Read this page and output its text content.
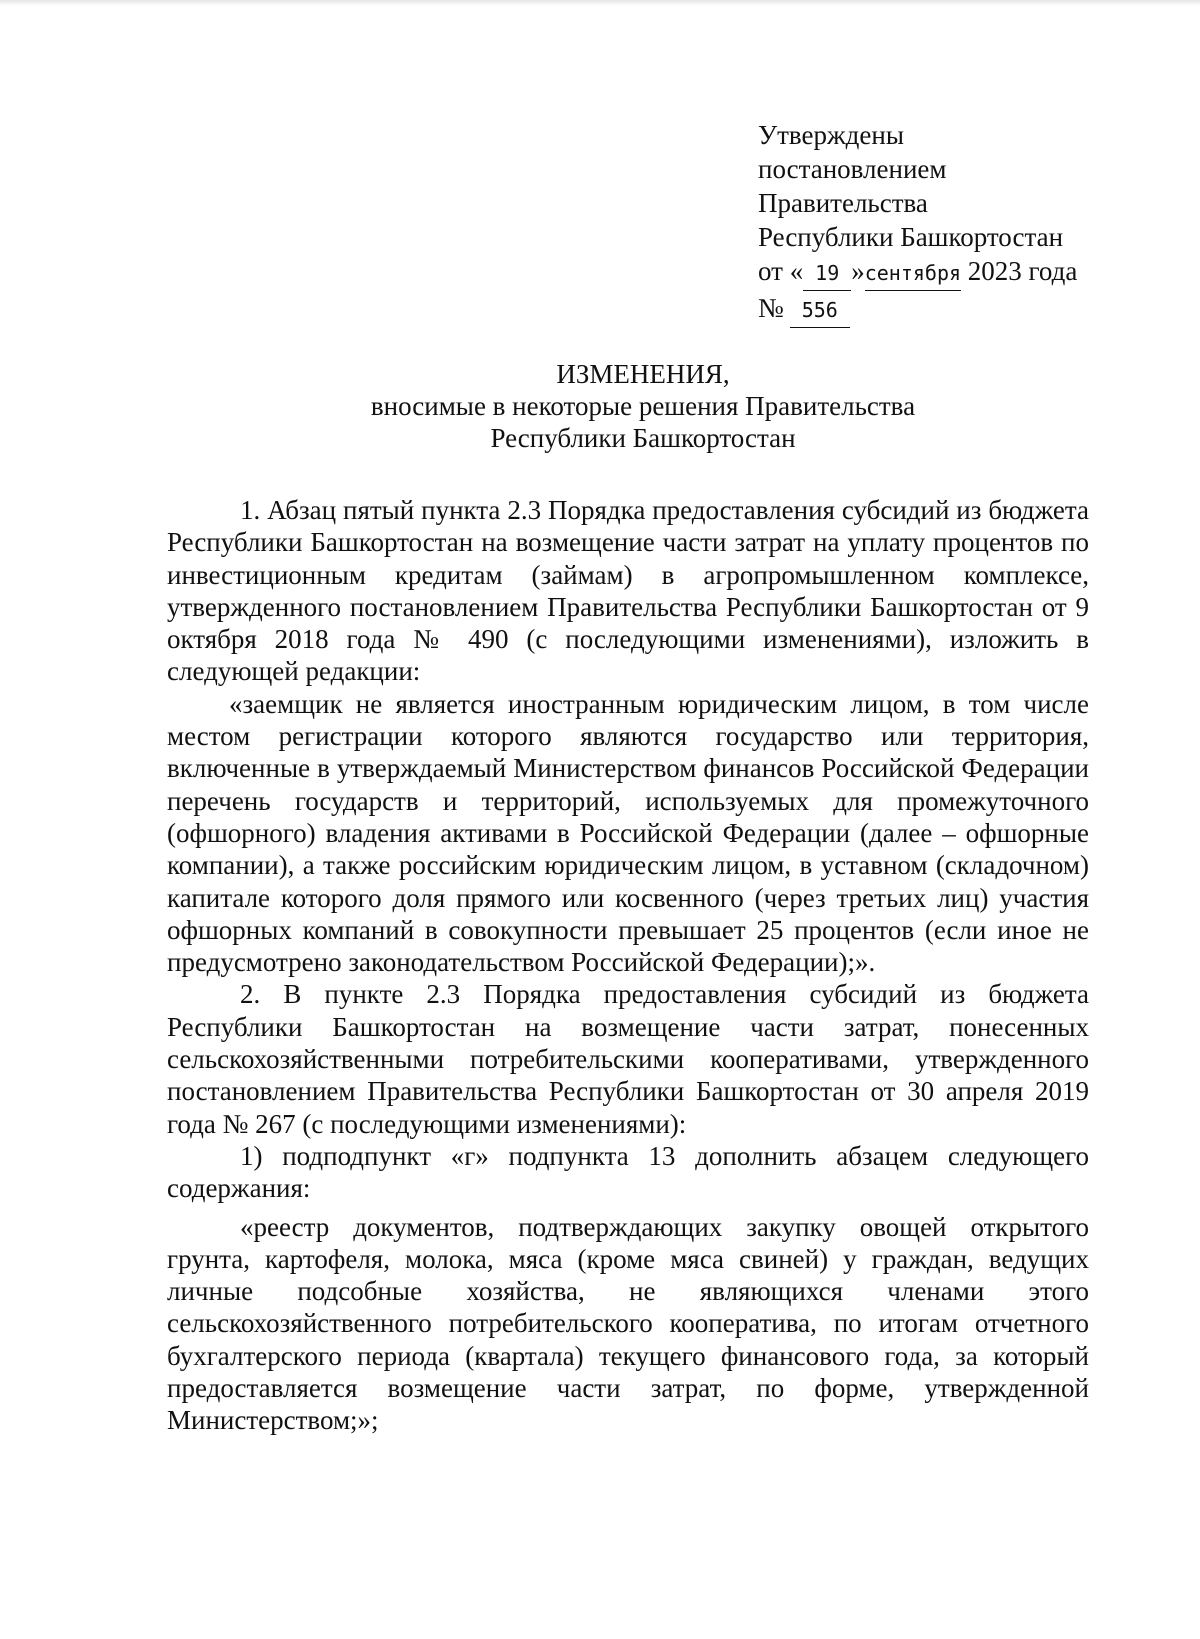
Утверждены
постановлением
Правительства
Республики Башкортостан
от « 19 »сентября 2023 года
№ 556
ИЗМЕНЕНИЯ,
вносимые в некоторые решения Правительства
Республики Башкортостан

1. Абзац пятый пункта 2.3 Порядка предоставления субсидий из бюджета Республики Башкортостан на возмещение части затрат на уплату процентов по инвестиционным кредитам (займам) в агропромышленном комплексе, утвержденного постановлением Правительства Республики Башкортостан от 9 октября 2018 года № 490 (с последующими изменениями), изложить в следующей редакции:

«заемщик не является иностранным юридическим лицом, в том числе местом регистрации которого являются государство или территория, включенные в утверждаемый Министерством финансов Российской Федерации перечень государств и территорий, используемых для промежуточного (офшорного) владения активами в Российской Федерации (далее – офшорные компании), а также российским юридическим лицом, в уставном (складочном) капитале которого доля прямого или косвенного (через третьих лиц) участия офшорных компаний в совокупности превышает 25 процентов (если иное не предусмотрено законодательством Российской Федерации);».

2. В пункте 2.3 Порядка предоставления субсидий из бюджета Республики Башкортостан на возмещение части затрат, понесенных сельскохозяйственными потребительскими кооперативами, утвержденного постановлением Правительства Республики Башкортостан от 30 апреля 2019 года № 267 (с последующими изменениями):

1) подподпункт «г» подпункта 13 дополнить абзацем следующего содержания:

«реестр документов, подтверждающих закупку овощей открытого грунта, картофеля, молока, мяса (кроме мяса свиней) у граждан, ведущих личные подсобные хозяйства, не являющихся членами этого сельскохозяйственного потребительского кооператива, по итогам отчетного бухгалтерского периода (квартала) текущего финансового года, за который предоставляется возмещение части затрат, по форме, утвержденной Министерством;»;
